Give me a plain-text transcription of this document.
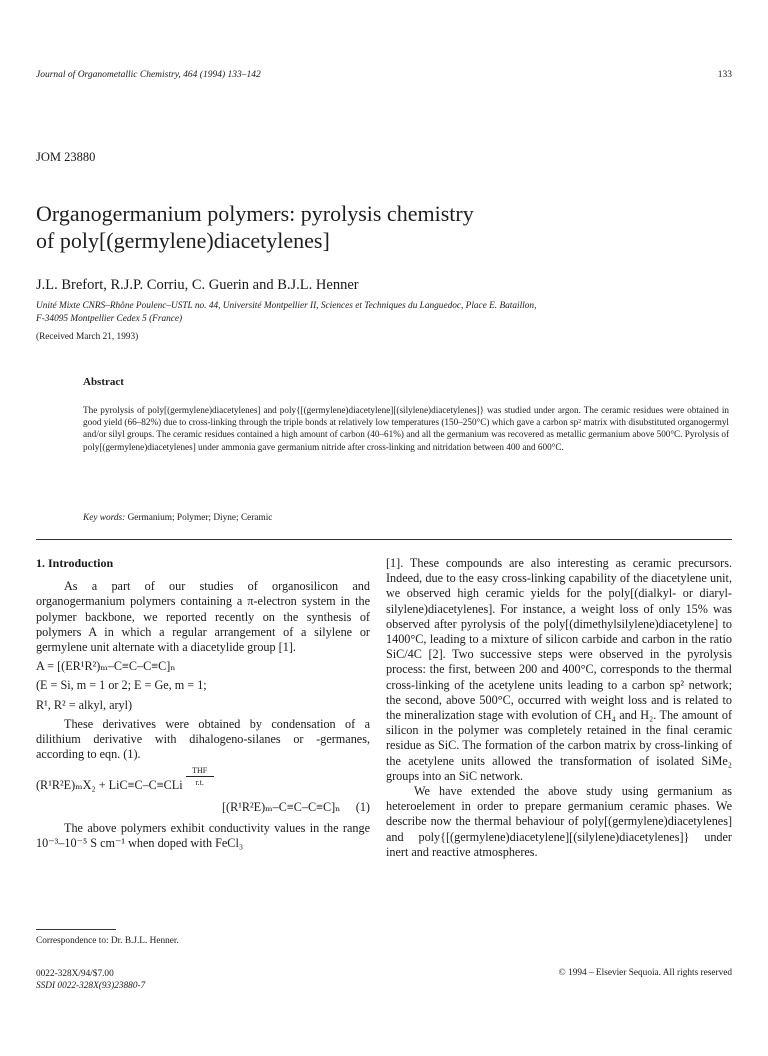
Journal of Organometallic Chemistry, 464 (1994) 133–142	133
JOM 23880
Organogermanium polymers: pyrolysis chemistry
of poly[(germylene)diacetylenes]
J.L. Brefort, R.J.P. Corriu, C. Guerin and B.J.L. Henner
Unité Mixte CNRS–Rhône Poulenc–USTL no. 44, Université Montpellier II, Sciences et Techniques du Languedoc, Place E. Bataillon,
F-34095 Montpellier Cedex 5 (France)
(Received March 21, 1993)
Abstract
The pyrolysis of poly[(germylene)diacetylenes] and poly{[(germylene)diacetylene][(silylene)diacetylenes]} was studied under argon. The ceramic residues were obtained in good yield (66–82%) due to cross-linking through the triple bonds at relatively low temperatures (150–250°C) which gave a carbon sp² matrix with disubstituted organogermyl and/or silyl groups. The ceramic residues contained a high amount of carbon (40–61%) and all the germanium was recovered as metallic germanium above 500°C. Pyrolysis of poly[(germylene)diacetylenes] under ammonia gave germanium nitride after cross-linking and nitridation between 400 and 600°C.
Key words: Germanium; Polymer; Diyne; Ceramic
1. Introduction

As a part of our studies of organosilicon and organogermanium polymers containing a π-electron system in the polymer backbone, we reported recently on the synthesis of polymers A in which a regular arrangement of a silylene or germylene unit alternate with a diacetylide group [1].

A = [(ER¹R²)ₘ–C≡C–C≡C]ₙ
(E = Si, m = 1 or 2; E = Ge, m = 1;
R¹, R² = alkyl, aryl)

These derivatives were obtained by condensation of a dilithium derivative with dihalogeno-silanes or -germanes, according to eqn. (1).

(R¹R²E)ₘX₂ + LiC≡C–C≡CLi THF
r.t.
[(R¹R²E)ₘ–C≡C–C≡C]ₙ (1)

The above polymers exhibit conductivity values in the range 10⁻³–10⁻⁵ S cm⁻¹ when doped with FeCl₃

[1]. These compounds are also interesting as ceramic precursors. Indeed, due to the easy cross-linking capability of the diacetylene unit, we observed high ceramic yields for the poly[(dialkyl- or diaryl-silylene)diacetylenes]. For instance, a weight loss of only 15% was observed after pyrolysis of the poly[(dimethylsilylene)diacetylene] to 1400°C, leading to a mixture of silicon carbide and carbon in the ratio SiC/4C [2]. Two successive steps were observed in the pyrolysis process: the first, between 200 and 400°C, corresponds to the thermal cross-linking of the acetylene units leading to a carbon sp² network; the second, above 500°C, occurred with weight loss and is related to the mineralization stage with evolution of CH₄ and H₂. The amount of silicon in the polymer was completely retained in the final ceramic residue as SiC. The formation of the carbon matrix by cross-linking of the acetylene units allowed the transformation of isolated SiMe₂ groups into an SiC network.

We have extended the above study using germanium as heteroelement in order to prepare germanium ceramic phases. We describe now the thermal behaviour of poly[(germylene)diacetylenes] and poly{[(germylene)diacetylene][(silylene)diacetylenes]} under inert and reactive atmospheres.

Correspondence to: Dr. B.J.L. Henner.
0022-328X/94/$7.00
SSDI 0022-328X(93)23880-7
© 1994 – Elsevier Sequoia. All rights reserved
